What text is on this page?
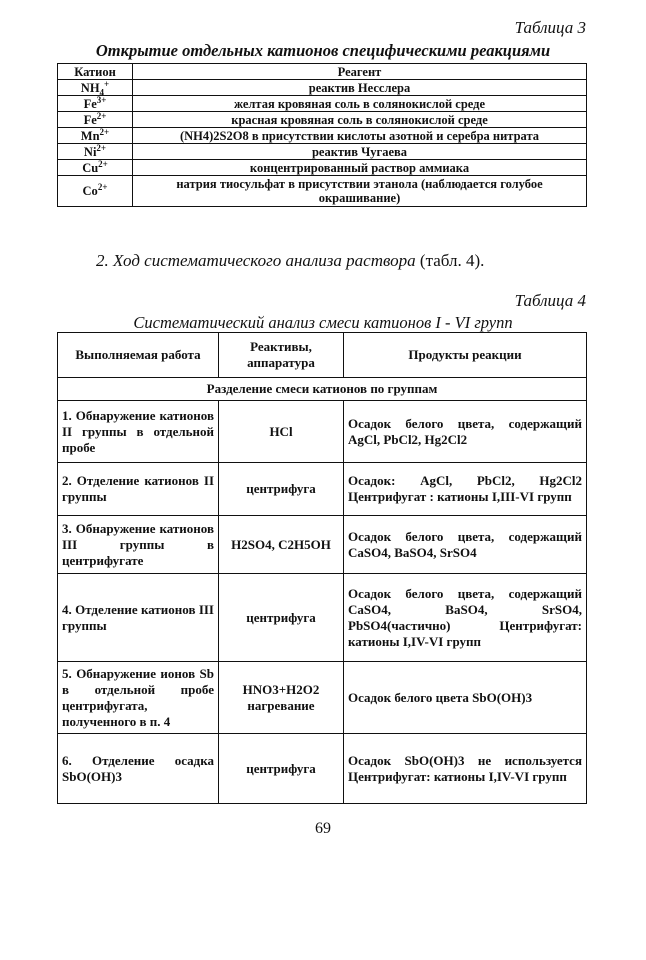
Таблица 3
Открытие отдельных катионов специфическими реакциями
Катион	Реагент
$NH_4^+$	реактив Несслера
$Fe^{3+}$	желтая кровяная соль в солянокислой среде
$Fe^{2+}$	красная кровяная соль в солянокислой среде
$Mn^{2+}$	(NH4)2S2O8 в присутствии кислоты азотной и серебра нитрата
$Ni^{2+}$	реактив Чугаева
$Cu^{2+}$	концентрированный раствор аммиака
$Co^{2+}$	натрия тиосульфат в присутствии этанола (наблюдается голубое окрашивание)
2. Ход систематического анализа раствора (табл. 4).
Таблица 4
Систематический анализ смеси катионов I - VI групп
Выполняемая работа	Реактивы, аппаратура	Продукты реакции
Разделение смеси катионов по группам		
1. Обнаружение катионов II группы в отдельной пробе	HCl	Осадок белого цвета, содержащий AgCl, PbCl2, Hg2Cl2
2. Отделение катионов II группы	центрифуга	Осадок: AgCl, PbCl2, Hg2Cl2 Центрифугат : катионы I,III-VI групп
3. Обнаружение катионов III группы в центрифугате	H2SO4, C2H5OH	Осадок белого цвета, содержащий CaSO4, BaSO4, SrSO4
4. Отделение катионов III группы	центрифуга	Осадок белого цвета, содержащий CaSO4, BaSO4, SrSO4, PbSO4(частично) Центрифугат: катионы I,IV-VI групп
5. Обнаружение ионов Sb в отдельной пробе центрифугата, полученного в п. 4	HNO3+H2O2 нагревание	Осадок белого цвета SbO(OH)3
6. Отделение осадка SbO(OH)3	центрифуга	Осадок SbO(OH)3 не используется Центрифугат: катионы I,IV-VI групп
69
